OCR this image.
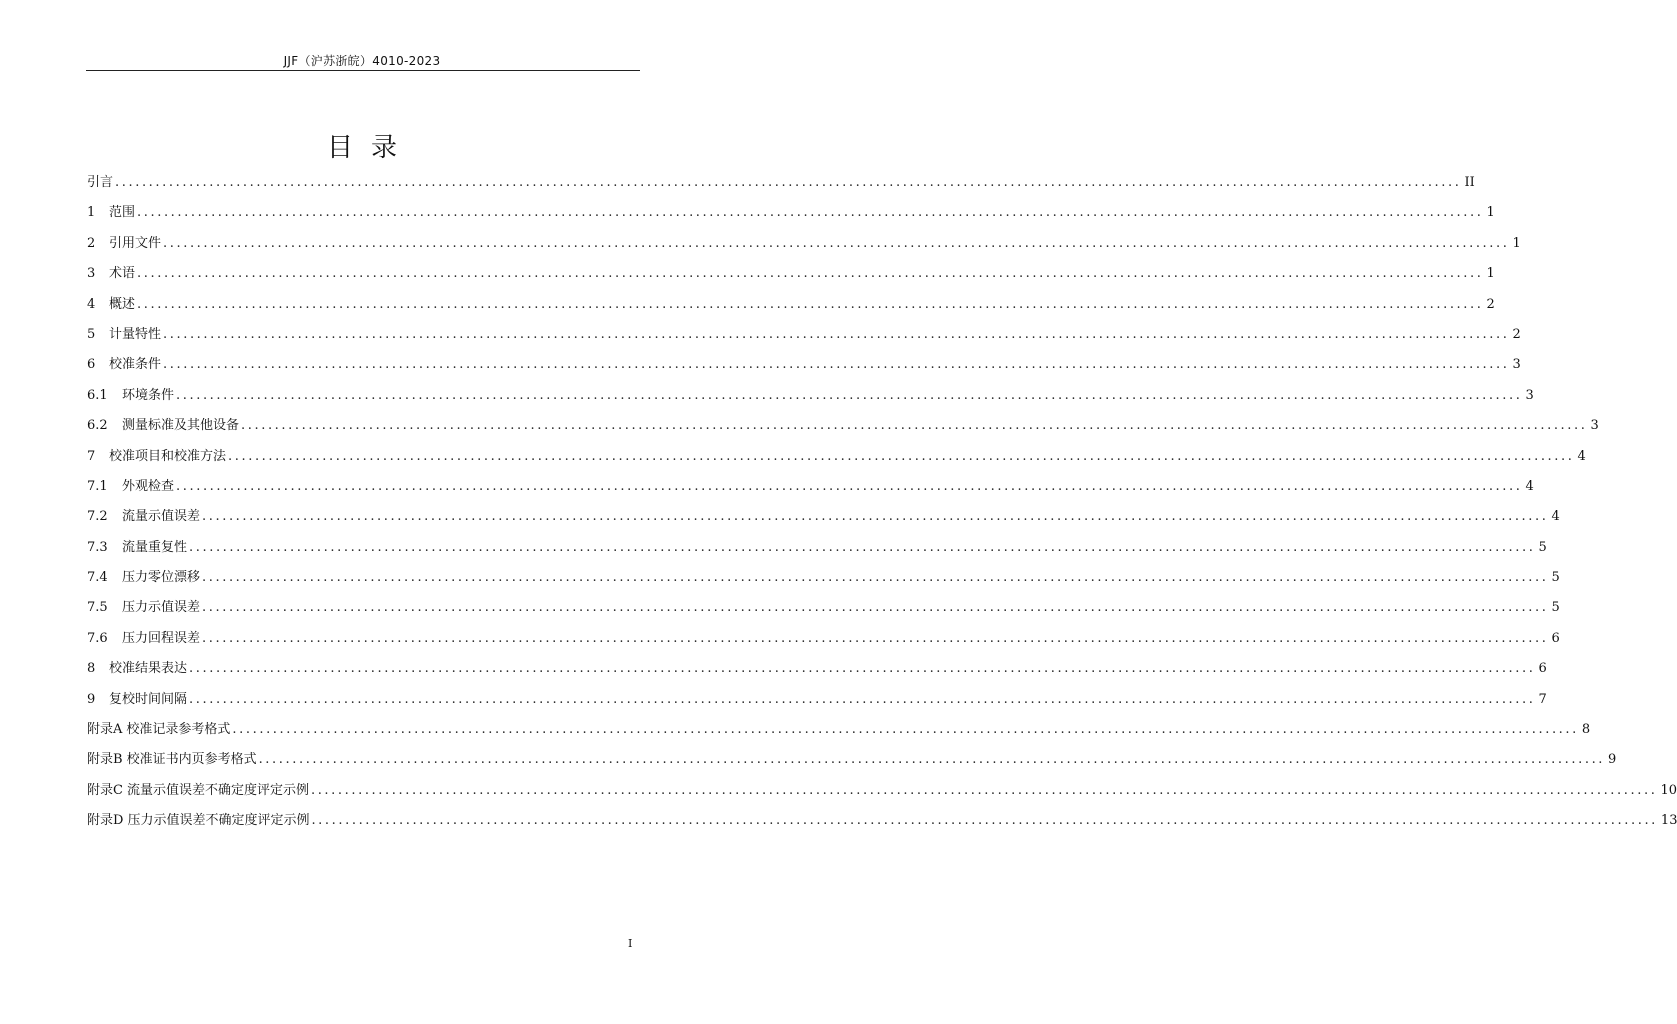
JJF（沪苏浙皖）4010-2023
目录
引言 ........................................................................................................................................................................................................ II
1	范围 ........................................................................................................................................................................................................ 1
2	引用文件 ........................................................................................................................................................................................................ 1
3	术语 ........................................................................................................................................................................................................ 1
4	概述 ........................................................................................................................................................................................................ 2
5	计量特性 ........................................................................................................................................................................................................ 2
6	校准条件 ........................................................................................................................................................................................................ 3
6.1	环境条件 ........................................................................................................................................................................................................ 3
6.2	测量标准及其他设备 ........................................................................................................................................................................................................ 3
7	校准项目和校准方法 ........................................................................................................................................................................................................ 4
7.1	外观检查 ........................................................................................................................................................................................................ 4
7.2	流量示值误差 ........................................................................................................................................................................................................ 4
7.3	流量重复性 ........................................................................................................................................................................................................ 5
7.4	压力零位漂移 ........................................................................................................................................................................................................ 5
7.5	压力示值误差 ........................................................................................................................................................................................................ 5
7.6	压力回程误差 ........................................................................................................................................................................................................ 6
8	校准结果表达 ........................................................................................................................................................................................................ 6
9	复校时间间隔 ........................................................................................................................................................................................................ 7
附录A 校准记录参考格式 ........................................................................................................................................................................................................ 8
附录B 校准证书内页参考格式 ........................................................................................................................................................................................................ 9
附录C 流量示值误差不确定度评定示例 ........................................................................................................................................................................................................ 10
附录D 压力示值误差不确定度评定示例 ........................................................................................................................................................................................................ 13
I
